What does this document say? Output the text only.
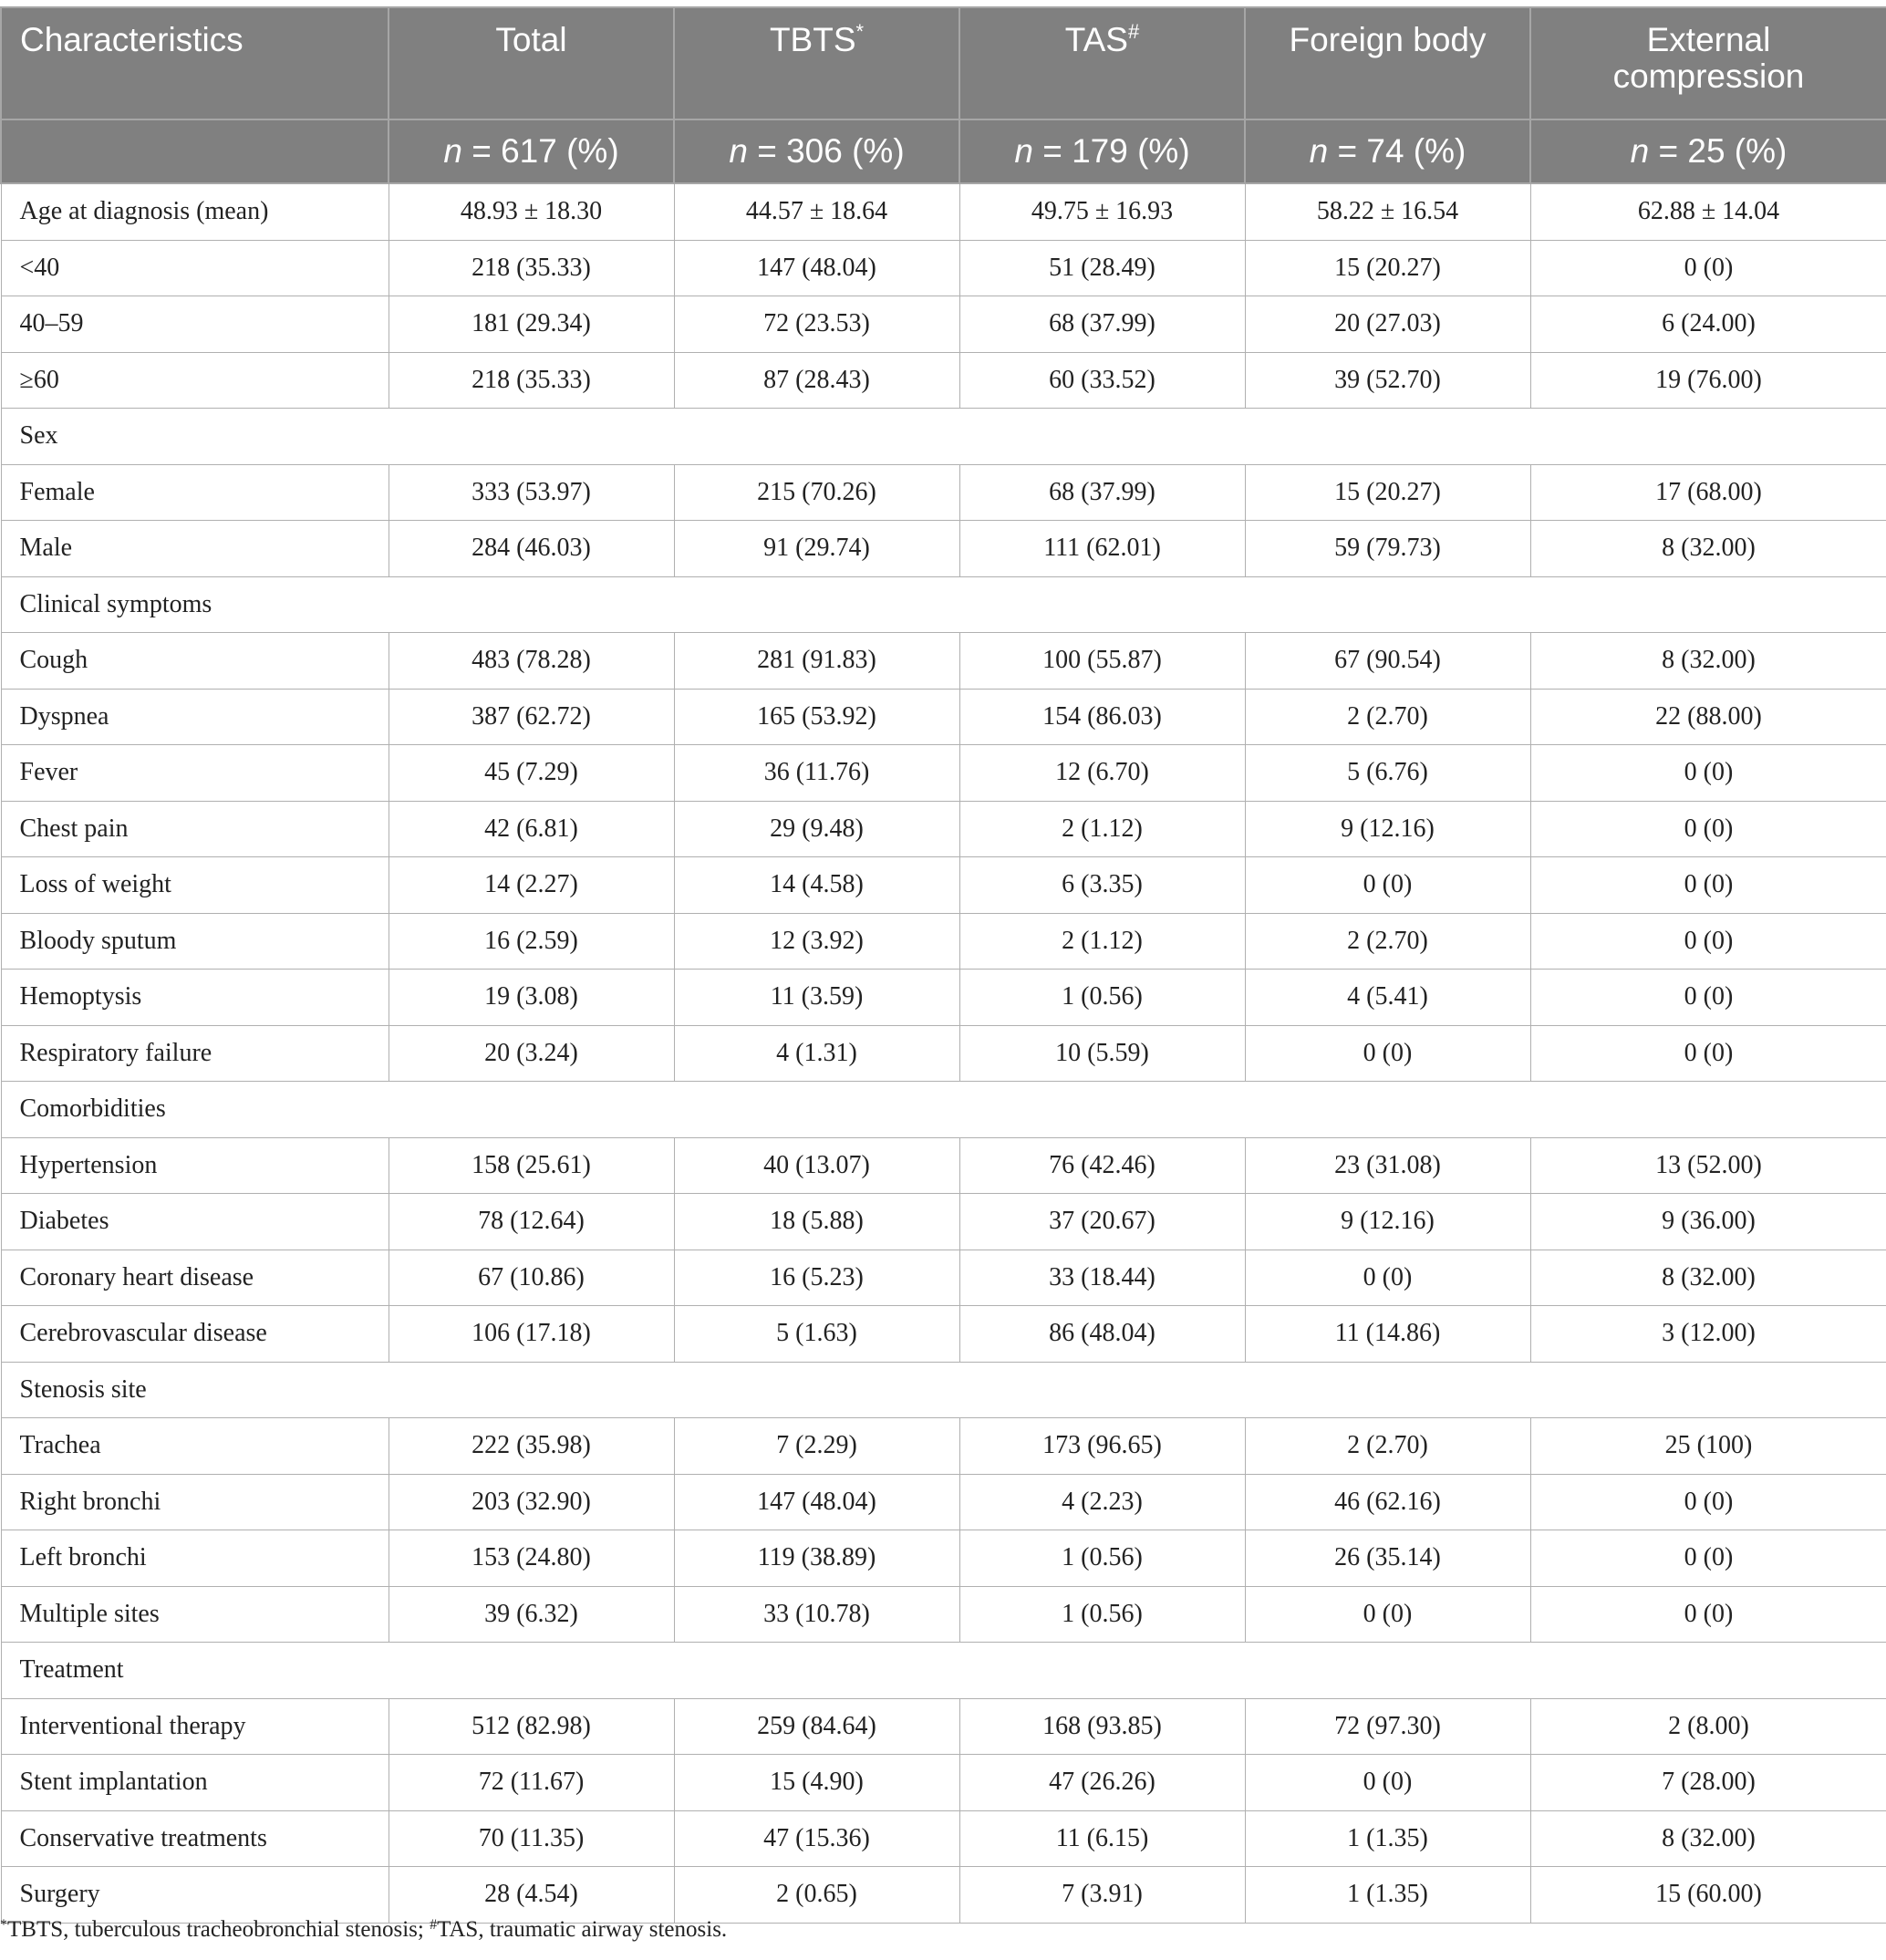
Characteristics	Total	TBTS*	TAS#	Foreign body	External
compression
	n = 617 (%)	n = 306 (%)	n = 179 (%)	n = 74 (%)	n = 25 (%)
Age at diagnosis (mean)	48.93 ± 18.30	44.57 ± 18.64	49.75 ± 16.93	58.22 ± 16.54	62.88 ± 14.04
<40	218 (35.33)	147 (48.04)	51 (28.49)	15 (20.27)	0 (0)
40–59	181 (29.34)	72 (23.53)	68 (37.99)	20 (27.03)	6 (24.00)
≥60	218 (35.33)	87 (28.43)	60 (33.52)	39 (52.70)	19 (76.00)
Sex					
Female	333 (53.97)	215 (70.26)	68 (37.99)	15 (20.27)	17 (68.00)
Male	284 (46.03)	91 (29.74)	111 (62.01)	59 (79.73)	8 (32.00)
Clinical symptoms					
Cough	483 (78.28)	281 (91.83)	100 (55.87)	67 (90.54)	8 (32.00)
Dyspnea	387 (62.72)	165 (53.92)	154 (86.03)	2 (2.70)	22 (88.00)
Fever	45 (7.29)	36 (11.76)	12 (6.70)	5 (6.76)	0 (0)
Chest pain	42 (6.81)	29 (9.48)	2 (1.12)	9 (12.16)	0 (0)
Loss of weight	14 (2.27)	14 (4.58)	6 (3.35)	0 (0)	0 (0)
Bloody sputum	16 (2.59)	12 (3.92)	2 (1.12)	2 (2.70)	0 (0)
Hemoptysis	19 (3.08)	11 (3.59)	1 (0.56)	4 (5.41)	0 (0)
Respiratory failure	20 (3.24)	4 (1.31)	10 (5.59)	0 (0)	0 (0)
Comorbidities					
Hypertension	158 (25.61)	40 (13.07)	76 (42.46)	23 (31.08)	13 (52.00)
Diabetes	78 (12.64)	18 (5.88)	37 (20.67)	9 (12.16)	9 (36.00)
Coronary heart disease	67 (10.86)	16 (5.23)	33 (18.44)	0 (0)	8 (32.00)
Cerebrovascular disease	106 (17.18)	5 (1.63)	86 (48.04)	11 (14.86)	3 (12.00)
Stenosis site					
Trachea	222 (35.98)	7 (2.29)	173 (96.65)	2 (2.70)	25 (100)
Right bronchi	203 (32.90)	147 (48.04)	4 (2.23)	46 (62.16)	0 (0)
Left bronchi	153 (24.80)	119 (38.89)	1 (0.56)	26 (35.14)	0 (0)
Multiple sites	39 (6.32)	33 (10.78)	1 (0.56)	0 (0)	0 (0)
Treatment					
Interventional therapy	512 (82.98)	259 (84.64)	168 (93.85)	72 (97.30)	2 (8.00)
Stent implantation	72 (11.67)	15 (4.90)	47 (26.26)	0 (0)	7 (28.00)
Conservative treatments	70 (11.35)	47 (15.36)	11 (6.15)	1 (1.35)	8 (32.00)
Surgery	28 (4.54)	2 (0.65)	7 (3.91)	1 (1.35)	15 (60.00)
*TBTS, tuberculous tracheobronchial stenosis; #TAS, traumatic airway stenosis.
